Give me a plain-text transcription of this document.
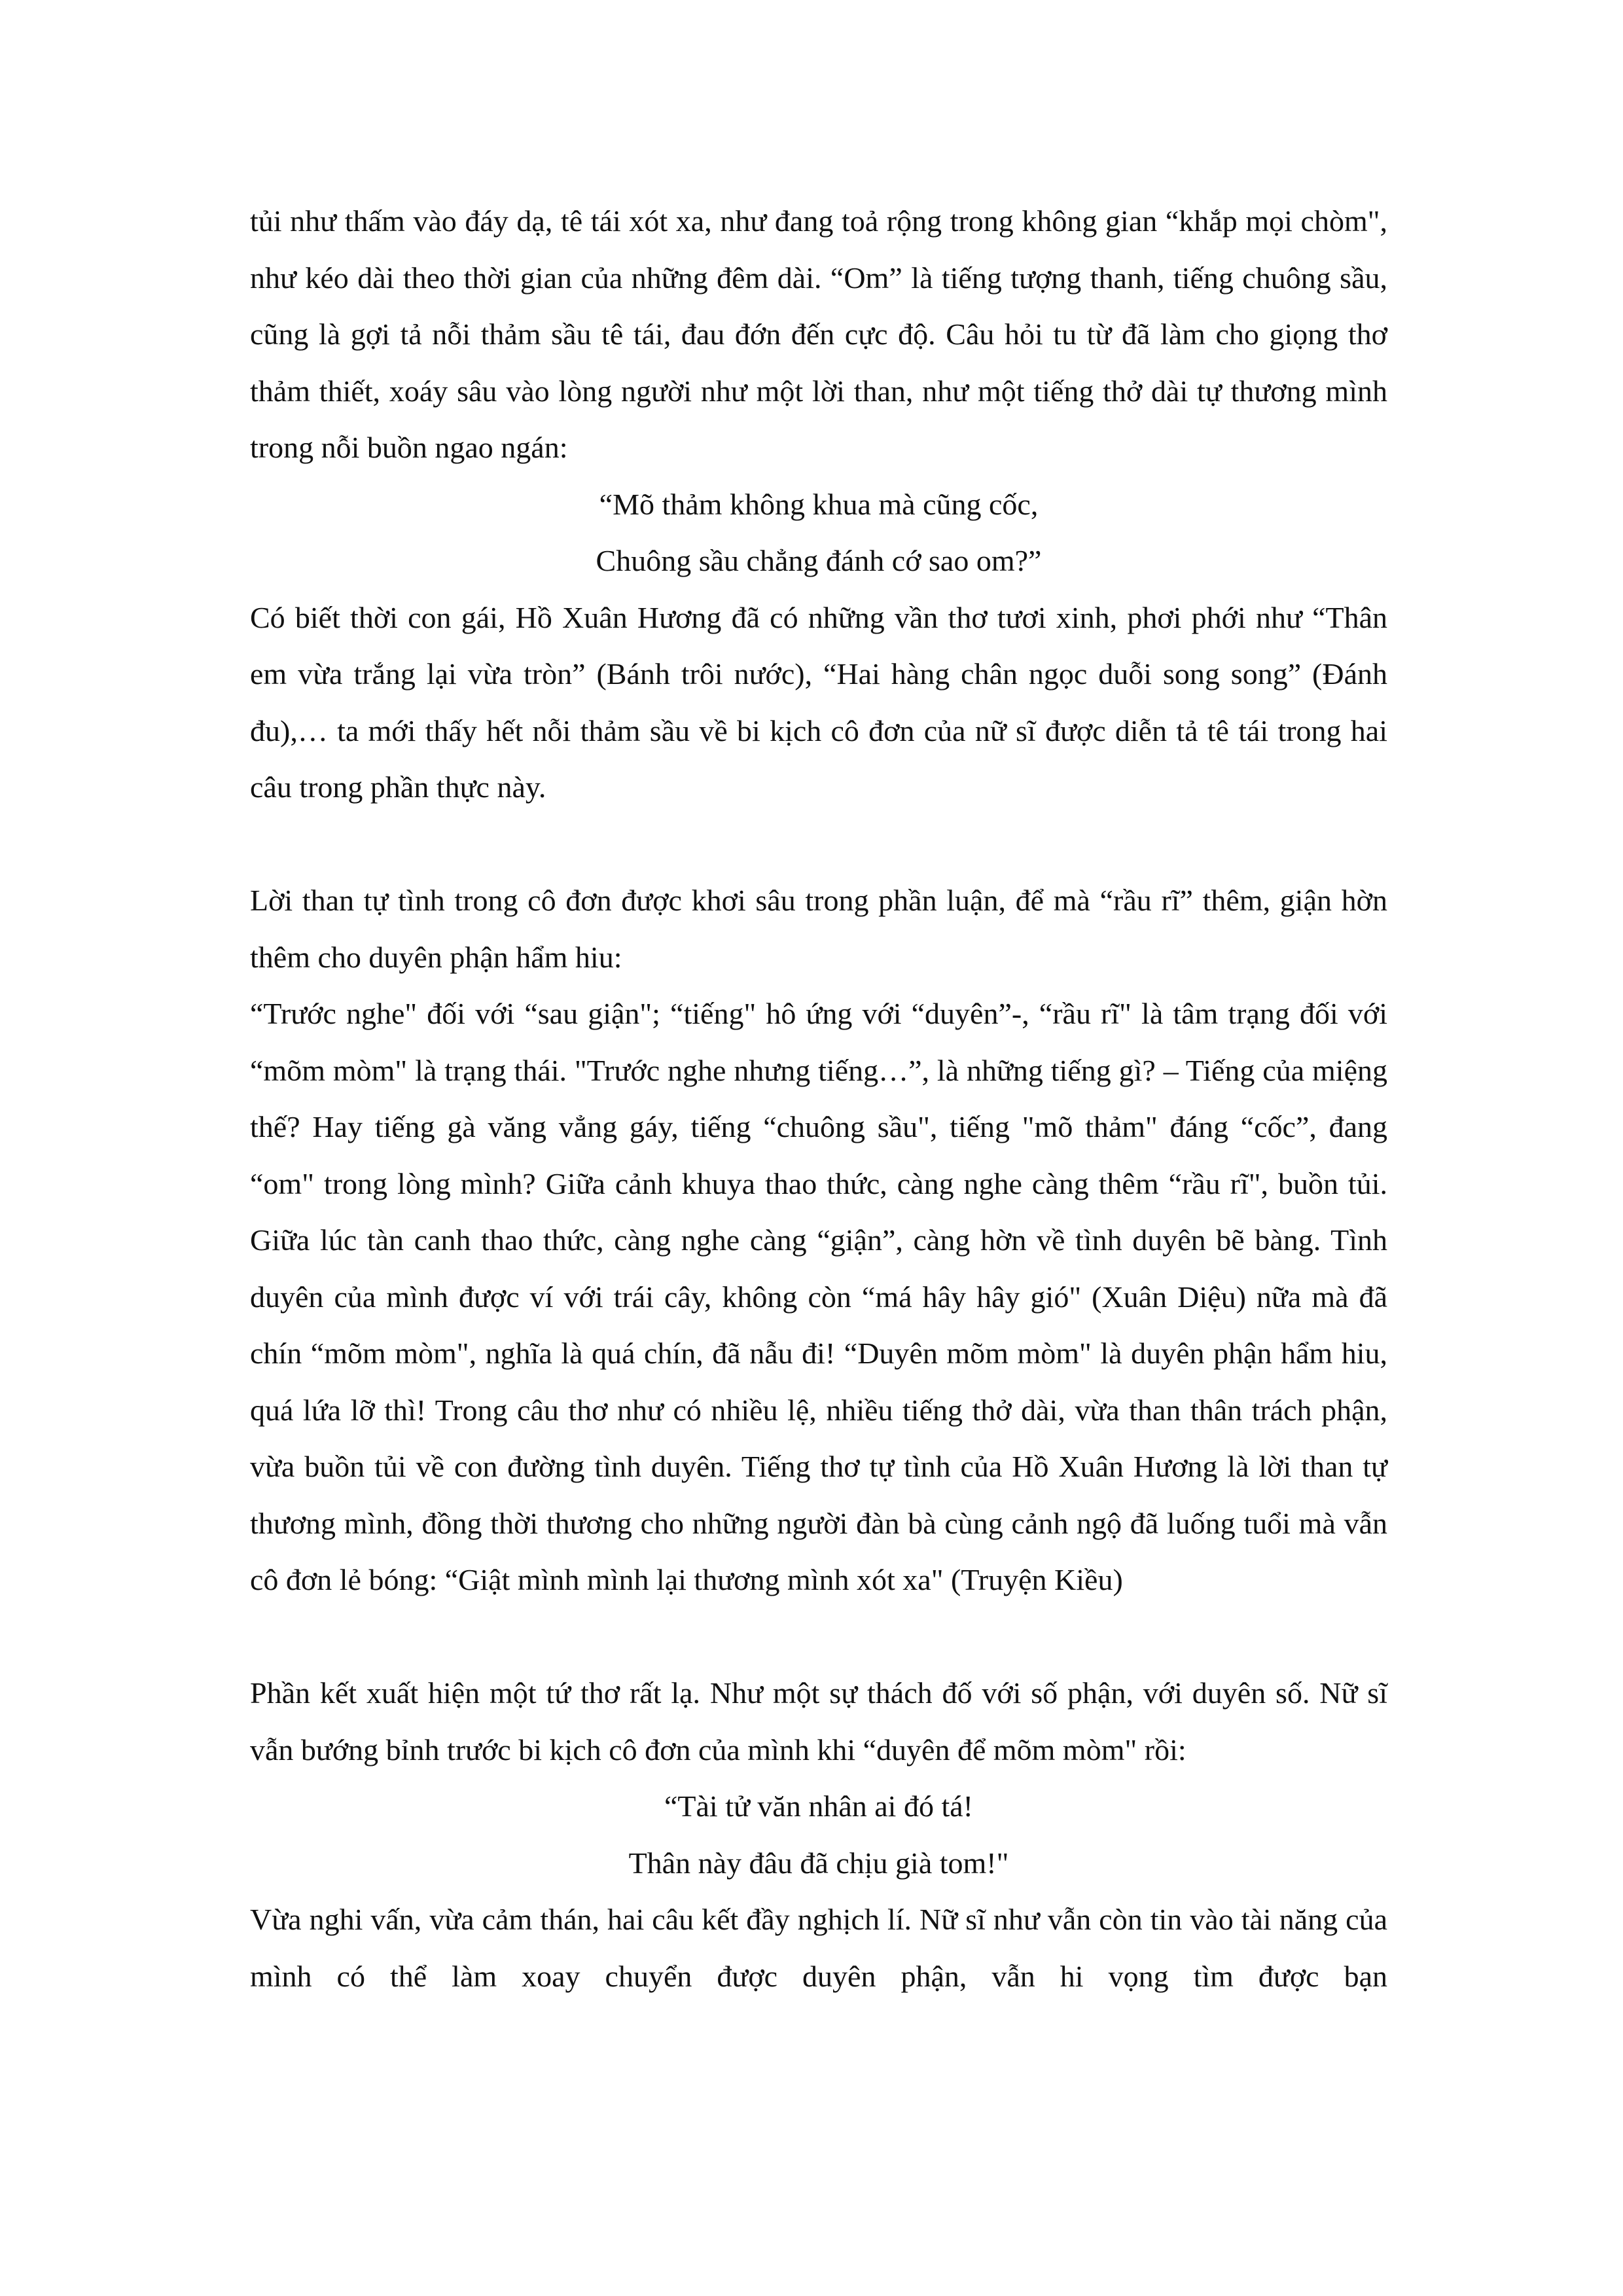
tủi như thấm vào đáy dạ, tê tái xót xa, như đang toả rộng trong không gian “khắp mọi chòm", như kéo dài theo thời gian của những đêm dài. “Om” là tiếng tượng thanh, tiếng chuông sầu, cũng là gợi tả nỗi thảm sầu tê tái, đau đớn đến cực độ. Câu hỏi tu từ đã làm cho giọng thơ thảm thiết, xoáy sâu vào lòng người như một lời than, như một tiếng thở dài tự thương mình trong nỗi buồn ngao ngán:

“Mõ thảm không khua mà cũng cốc,
Chuông sầu chẳng đánh cớ sao om?”

Có biết thời con gái, Hồ Xuân Hương đã có những vần thơ tươi xinh, phơi phới như “Thân em vừa trắng lại vừa tròn” (Bánh trôi nước), “Hai hàng chân ngọc duỗi song song” (Đánh đu),… ta mới thấy hết nỗi thảm sầu về bi kịch cô đơn của nữ sĩ được diễn tả tê tái trong hai câu trong phần thực này.

Lời than tự tình trong cô đơn được khơi sâu trong phần luận, để mà “rầu rĩ” thêm, giận hờn thêm cho duyên phận hẩm hiu:

“Trước nghe" đối với “sau giận"; “tiếng" hô ứng với “duyên”-, “rầu rĩ" là tâm trạng đối với “mõm mòm" là trạng thái. "Trước nghe nhưng tiếng…”, là những tiếng gì? – Tiếng của miệng thế? Hay tiếng gà văng vẳng gáy, tiếng “chuông sầu", tiếng "mõ thảm" đáng “cốc”, đang “om" trong lòng mình? Giữa cảnh khuya thao thức, càng nghe càng thêm “rầu rĩ", buồn tủi. Giữa lúc tàn canh thao thức, càng nghe càng “giận”, càng hờn về tình duyên bẽ bàng. Tình duyên của mình được ví với trái cây, không còn “má hây hây gió" (Xuân Diệu) nữa mà đã chín “mõm mòm", nghĩa là quá chín, đã nẫu đi! “Duyên mõm mòm" là duyên phận hẩm hiu, quá lứa lỡ thì! Trong câu thơ như có nhiều lệ, nhiều tiếng thở dài, vừa than thân trách phận, vừa buồn tủi về con đường tình duyên. Tiếng thơ tự tình của Hồ Xuân Hương là lời than tự thương mình, đồng thời thương cho những người đàn bà cùng cảnh ngộ đã luống tuổi mà vẫn cô đơn lẻ bóng: “Giật mình mình lại thương mình xót xa" (Truyện Kiều)

Phần kết xuất hiện một tứ thơ rất lạ. Như một sự thách đố với số phận, với duyên số. Nữ sĩ vẫn bướng bỉnh trước bi kịch cô đơn của mình khi “duyên để mõm mòm" rồi:

“Tài tử văn nhân ai đó tá!
Thân này đâu đã chịu già tom!"

Vừa nghi vấn, vừa cảm thán, hai câu kết đầy nghịch lí. Nữ sĩ như vẫn còn tin vào tài năng của mình có thể làm xoay chuyển được duyên phận, vẫn hi vọng tìm được bạn
